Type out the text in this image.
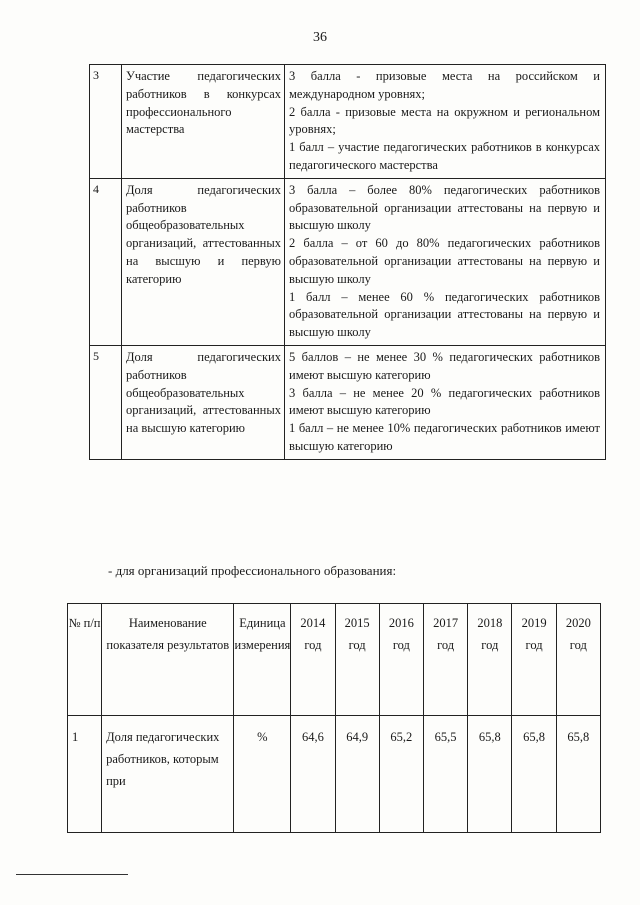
36
3	Участие педагогических работников в конкурсах профессионального мастерства	3 балла - призовые места на российском и международном уровнях;
2 балла - призовые места на окружном и региональном уровнях;
1 балл – участие педагогических работников в конкурсах педагогического мастерства

4	Доля педагогических работников общеобразовательных организаций, аттестованных на высшую и первую категорию	3 балла – более 80% педагогических работников образовательной организации аттестованы на первую и высшую школу
2 балла – от 60 до 80% педагогических работников образовательной организации аттестованы на первую и высшую школу
1 балл – менее 60 % педагогических работников образовательной организации аттестованы на первую и высшую школу

5	Доля педагогических работников общеобразовательных организаций, аттестованных на высшую категорию	5 баллов – не менее 30 % педагогических работников имеют высшую категорию
3 балла – не менее 20 % педагогических работников имеют высшую категорию
1 балл – не менее 10% педагогических работников имеют высшую категорию
- для организаций профессионального образования:
№ п/п	Наименование показателя результатов	Единица измерения	2014 год	2015 год	2016 год	2017 год	2018 год	2019 год	2020 год
1	Доля педагогических работников, которым при	%	64,6	64,9	65,2	65,5	65,8	65,8	65,8
